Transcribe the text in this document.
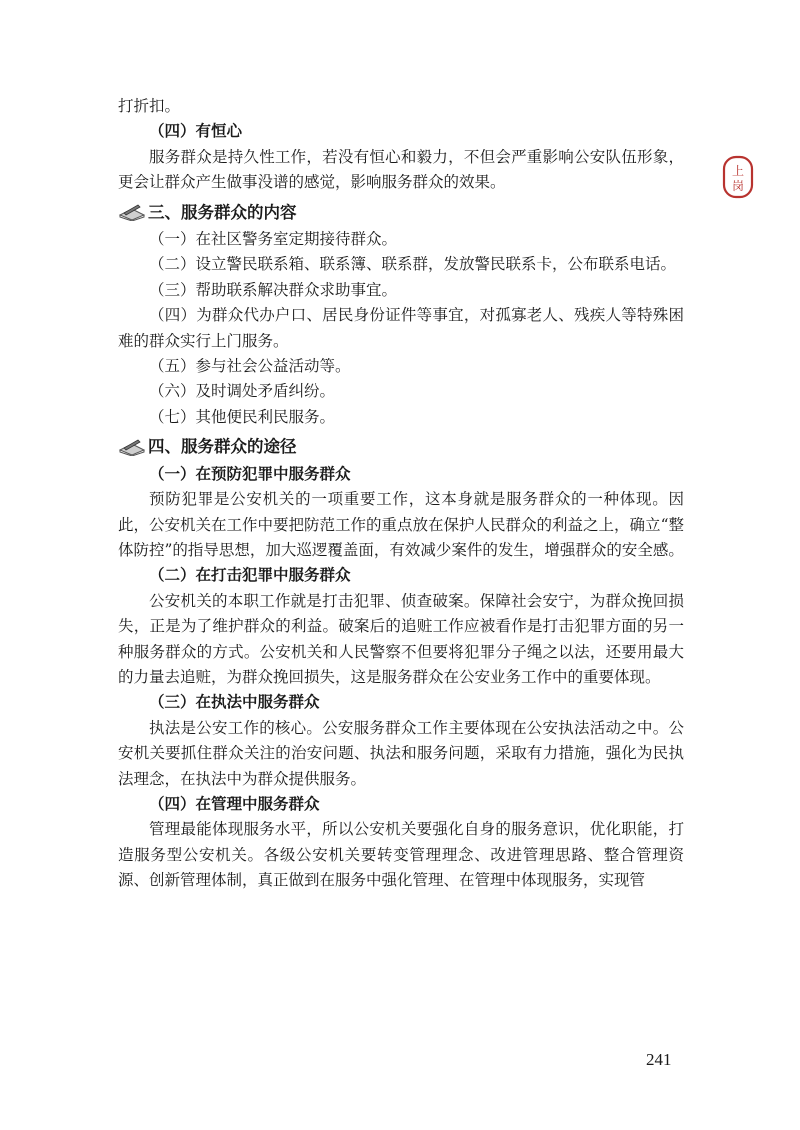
上
岗

打折扣。

（四）有恒心

服务群众是持久性工作，若没有恒心和毅力，不但会严重影响公安队伍形象，更会让群众产生做事没谱的感觉，影响服务群众的效果。

三、服务群众的内容

（一）在社区警务室定期接待群众。

（二）设立警民联系箱、联系簿、联系群，发放警民联系卡，公布联系电话。

（三）帮助联系解决群众求助事宜。

（四）为群众代办户口、居民身份证件等事宜，对孤寡老人、残疾人等特殊困难的群众实行上门服务。

（五）参与社会公益活动等。

（六）及时调处矛盾纠纷。

（七）其他便民利民服务。

四、服务群众的途径

（一）在预防犯罪中服务群众

预防犯罪是公安机关的一项重要工作，这本身就是服务群众的一种体现。因此，公安机关在工作中要把防范工作的重点放在保护人民群众的利益之上，确立“整体防控”的指导思想，加大巡逻覆盖面，有效减少案件的发生，增强群众的安全感。

（二）在打击犯罪中服务群众

公安机关的本职工作就是打击犯罪、侦查破案。保障社会安宁，为群众挽回损失，正是为了维护群众的利益。破案后的追赃工作应被看作是打击犯罪方面的另一种服务群众的方式。公安机关和人民警察不但要将犯罪分子绳之以法，还要用最大的力量去追赃，为群众挽回损失，这是服务群众在公安业务工作中的重要体现。

（三）在执法中服务群众

执法是公安工作的核心。公安服务群众工作主要体现在公安执法活动之中。公安机关要抓住群众关注的治安问题、执法和服务问题，采取有力措施，强化为民执法理念，在执法中为群众提供服务。

（四）在管理中服务群众

管理最能体现服务水平，所以公安机关要强化自身的服务意识，优化职能，打造服务型公安机关。各级公安机关要转变管理理念、改进管理思路、整合管理资源、创新管理体制，真正做到在服务中强化管理、在管理中体现服务，实现管

241
